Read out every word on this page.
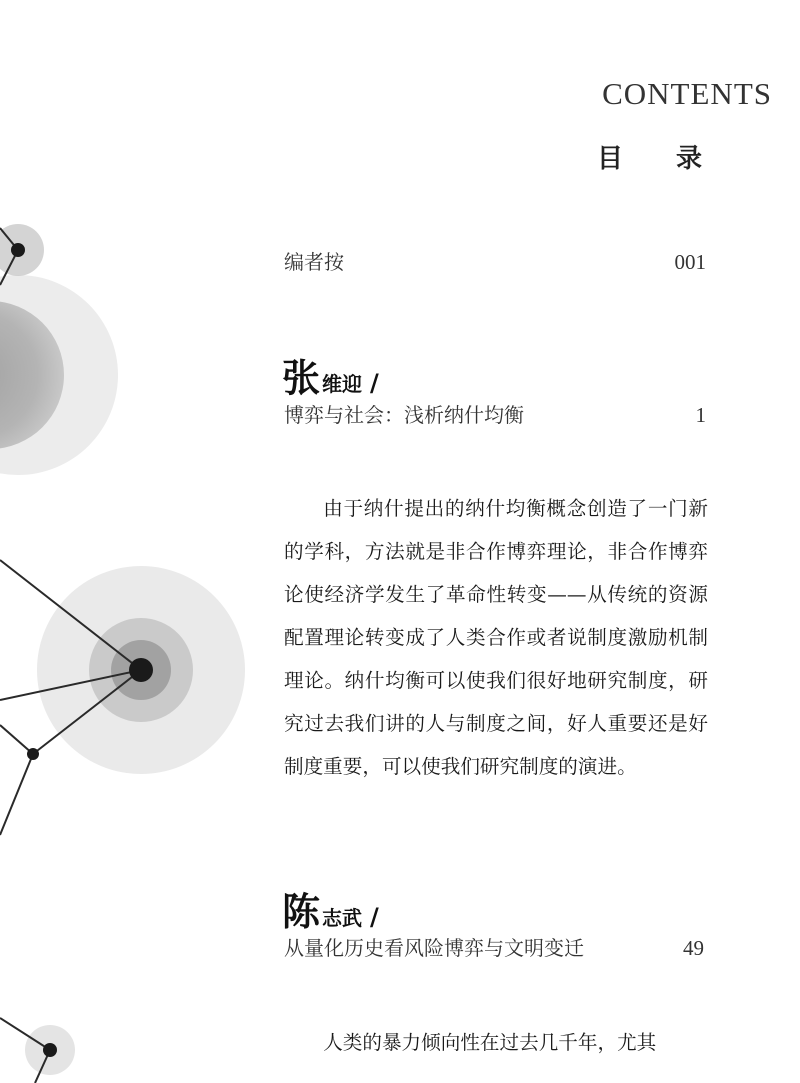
CONTENTS
目 录
编者按	001
张维迎 /
博弈与社会：浅析纳什均衡	1

由于纳什提出的纳什均衡概念创造了一门新的学科，方法就是非合作博弈理论，非合作博弈论使经济学发生了革命性转变——从传统的资源配置理论转变成了人类合作或者说制度激励机制理论。纳什均衡可以使我们很好地研究制度，研究过去我们讲的人与制度之间，好人重要还是好制度重要，可以使我们研究制度的演进。

陈志武 /
从量化历史看风险博弈与文明变迁	49

人类的暴力倾向性在过去几千年，尤其
